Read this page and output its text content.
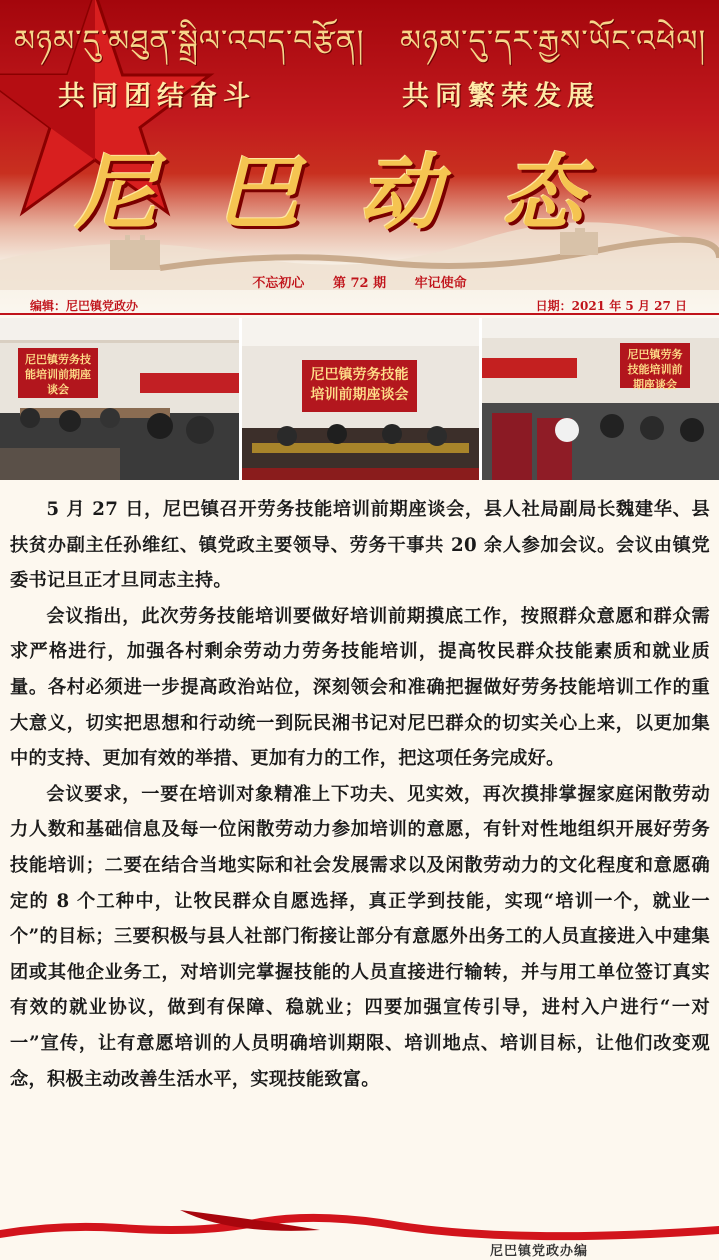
མཉམ་དུ་མཐུན་སྒྲིལ་འབད་བརྩོན། མཉམ་དུ་དར་རྒྱས་ཡོང་འཕེལ།
共同团结奋斗	共同繁荣发展
尼巴动态
不忘初心 第 72 期 牢记使命
编辑：尼巴镇党政办	日期：2021 年 5 月 27 日
尼巴镇劳务技能培训前期座谈会
尼巴镇劳务技能培训前期座谈会
尼巴镇劳务技能培训前期座谈会

5 月 27 日，尼巴镇召开劳务技能培训前期座谈会，县人社局副局长魏建华、县扶贫办副主任孙维红、镇党政主要领导、劳务干事共 20 余人参加会议。会议由镇党委书记旦正才旦同志主持。

会议指出，此次劳务技能培训要做好培训前期摸底工作，按照群众意愿和群众需求严格进行，加强各村剩余劳动力劳务技能培训，提高牧民群众技能素质和就业质量。各村必须进一步提高政治站位，深刻领会和准确把握做好劳务技能培训工作的重大意义，切实把思想和行动统一到阮民湘书记对尼巴群众的切实关心上来，以更加集中的支持、更加有效的举措、更加有力的工作，把这项任务完成好。

会议要求，一要在培训对象精准上下功夫、见实效，再次摸排掌握家庭闲散劳动力人数和基础信息及每一位闲散劳动力参加培训的意愿，有针对性地组织开展好劳务技能培训；二要在结合当地实际和社会发展需求以及闲散劳动力的文化程度和意愿确定的 8 个工种中，让牧民群众自愿选择，真正学到技能，实现“培训一个，就业一个”的目标；三要积极与县人社部门衔接让部分有意愿外出务工的人员直接进入中建集团或其他企业务工，对培训完掌握技能的人员直接进行输转，并与用工单位签订真实有效的就业协议，做到有保障、稳就业；四要加强宣传引导，进村入户进行“一对一”宣传，让有意愿培训的人员明确培训期限、培训地点、培训目标，让他们改变观念，积极主动改善生活水平，实现技能致富。

尼巴镇党政办编
